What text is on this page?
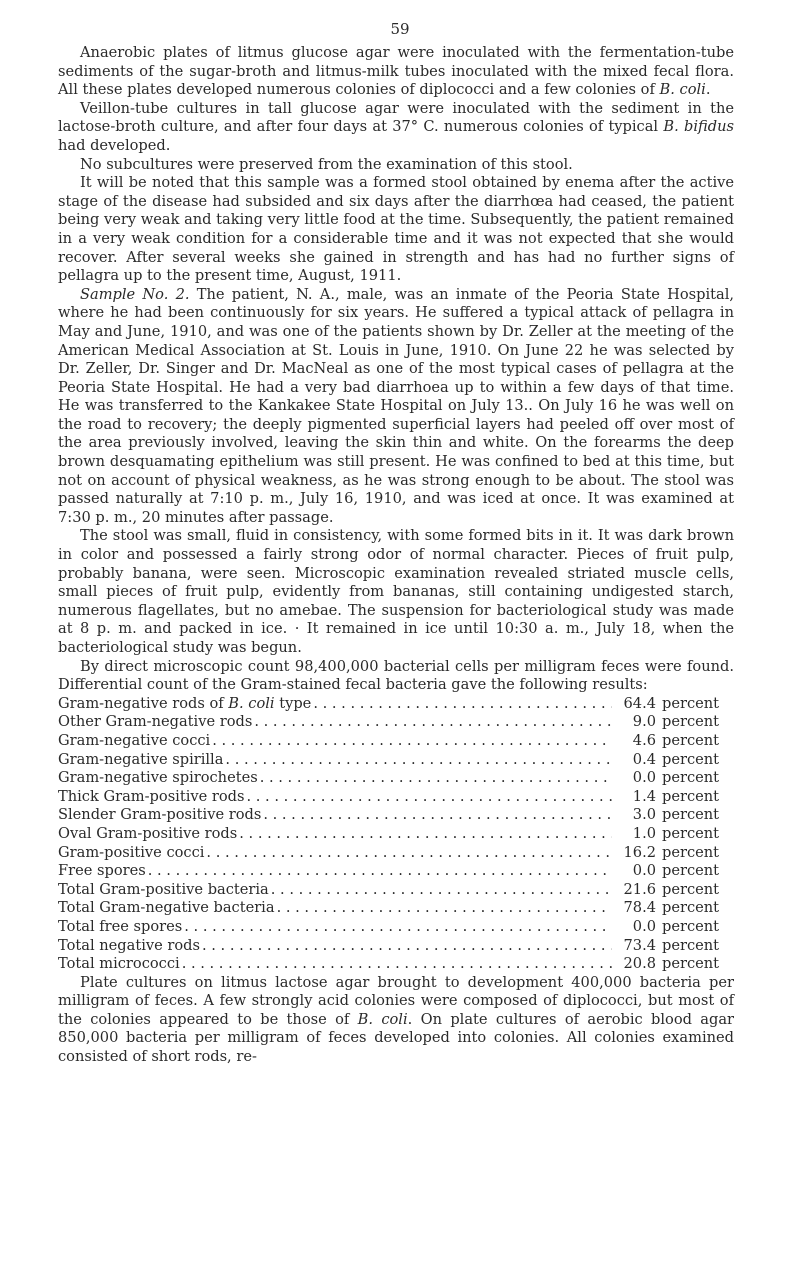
59

Anaerobic plates of litmus glucose agar were inoculated with the fermentation-tube sediments of the sugar-broth and litmus-milk tubes inoculated with the mixed fecal flora. All these plates developed numerous colonies of diplococci and a few colonies of B. coli.

Veillon-tube cultures in tall glucose agar were inoculated with the sediment in the lactose-broth culture, and after four days at 37° C. numerous colonies of typical B. bifidus had developed.

No subcultures were preserved from the examination of this stool.

It will be noted that this sample was a formed stool obtained by enema after the active stage of the disease had subsided and six days after the diarrhœa had ceased, the patient being very weak and taking very little food at the time. Subsequently, the patient remained in a very weak condition for a considerable time and it was not expected that she would recover. After several weeks she gained in strength and has had no further signs of pellagra up to the present time, August, 1911.

Sample No. 2. The patient, N. A., male, was an inmate of the Peoria State Hospital, where he had been continuously for six years. He suffered a typical attack of pellagra in May and June, 1910, and was one of the patients shown by Dr. Zeller at the meeting of the American Medical Association at St. Louis in June, 1910. On June 22 he was selected by Dr. Zeller, Dr. Singer and Dr. MacNeal as one of the most typical cases of pellagra at the Peoria State Hospital. He had a very bad diarrhoea up to within a few days of that time. He was transferred to the Kankakee State Hospital on July 13.. On July 16 he was well on the road to recovery; the deeply pigmented superficial layers had peeled off over most of the area previously involved, leaving the skin thin and white. On the forearms the deep brown desquamating epithelium was still present. He was confined to bed at this time, but not on account of physical weakness, as he was strong enough to be about. The stool was passed naturally at 7:10 p. m., July 16, 1910, and was iced at once. It was examined at 7:30 p. m., 20 minutes after passage.

The stool was small, fluid in consistency, with some formed bits in it. It was dark brown in color and possessed a fairly strong odor of normal character. Pieces of fruit pulp, probably banana, were seen. Microscopic examination revealed striated muscle cells, small pieces of fruit pulp, evidently from bananas, still containing undigested starch, numerous flagellates, but no amebae. The suspension for bacteriological study was made at 8 p. m. and packed in ice. · It remained in ice until 10:30 a. m., July 18, when the bacteriological study was begun.

By direct microscopic count 98,400,000 bacterial cells per milligram feces were found. Differential count of the Gram-stained fecal bacteria gave the following results:

Gram-negative rods of B. coli type . . .	64.4 percent
Other Gram-negative rods . . .	9.0 percent
Gram-negative cocci . . .	4.6 percent
Gram-negative spirilla . . .	0.4 percent
Gram-negative spirochetes . . .	0.0 percent
Thick Gram-positive rods . . .	1.4 percent
Slender Gram-positive rods . . .	3.0 percent
Oval Gram-positive rods . . .	1.0 percent
Gram-positive cocci . . .	16.2 percent
Free spores . . .	0.0 percent
Total Gram-positive bacteria . . .	21.6 percent
Total Gram-negative bacteria . . .	78.4 percent
Total free spores . . .	0.0 percent
Total negative rods . . .	73.4 percent
Total micrococci . . .	20.8 percent

Plate cultures on litmus lactose agar brought to development 400,000 bacteria per milligram of feces. A few strongly acid colonies were composed of diplococci, but most of the colonies appeared to be those of B. coli. On plate cultures of aerobic blood agar 850,000 bacteria per milligram of feces developed into colonies. All colonies examined consisted of short rods, re-
